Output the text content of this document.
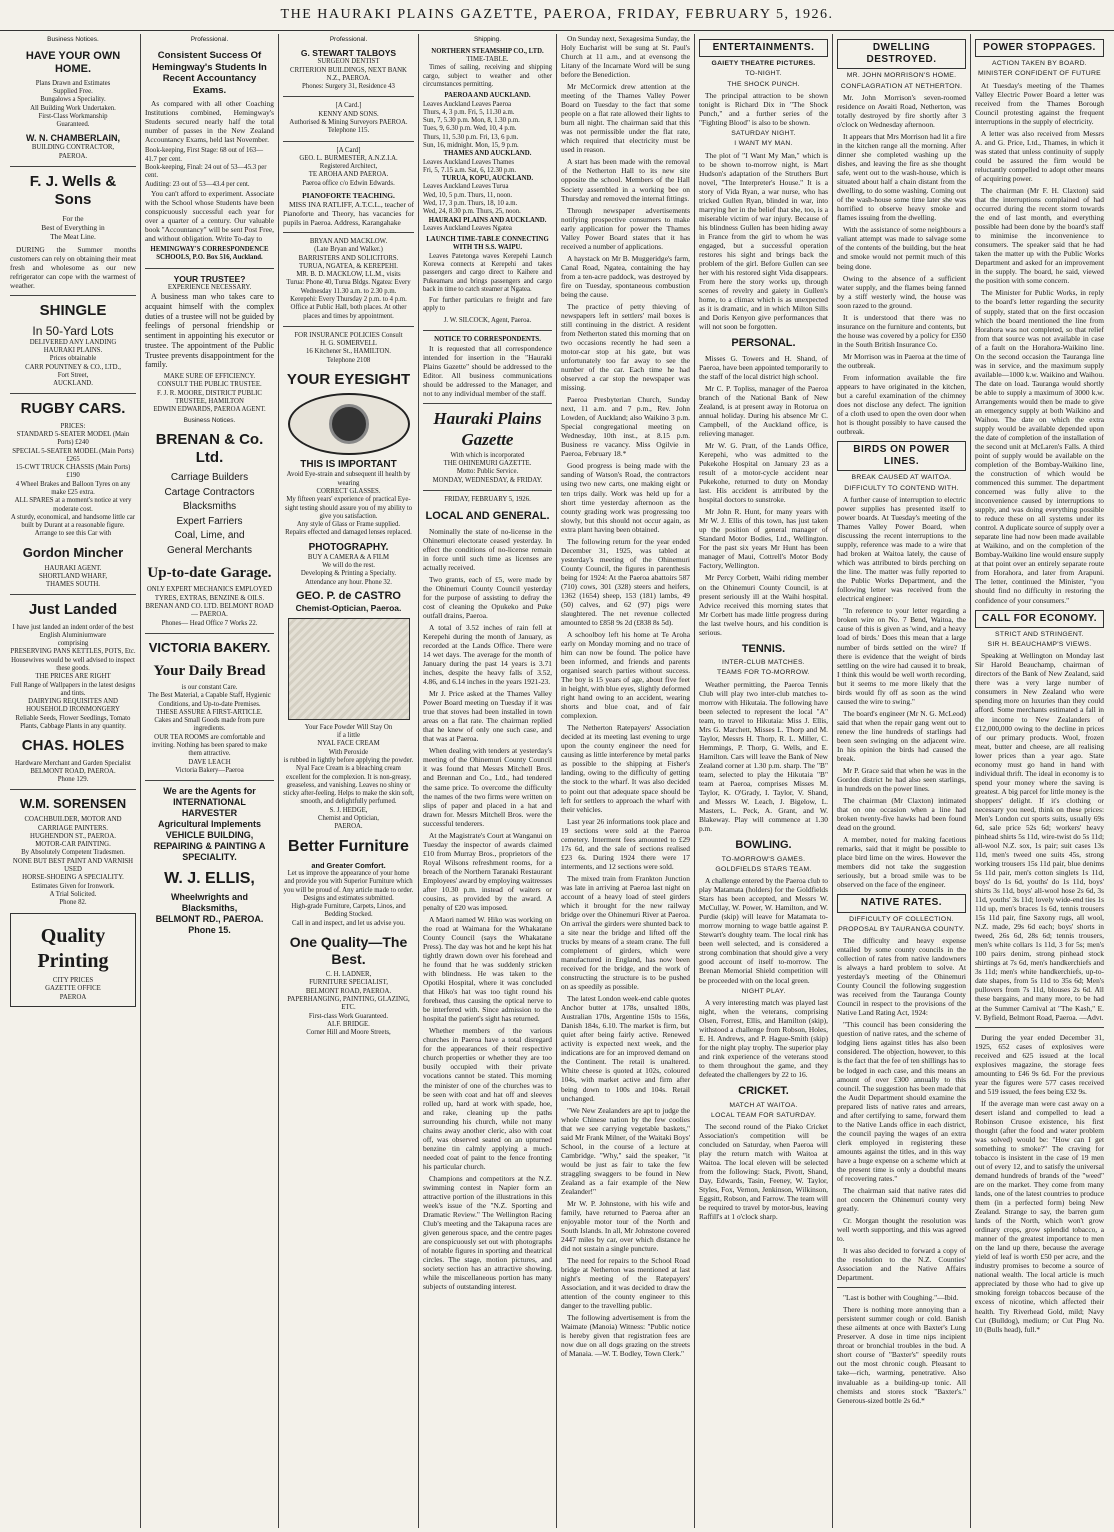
THE HAURAKI PLAINS GAZETTE, PAEROA, FRIDAY, FEBRUARY 5, 1926.
Business Notices.
HAVE YOUR OWN HOME.
Plans Drawn and Estimates
Supplied Free.
Bungalows a Speciality.
All Building Work Undertaken.
First-Class Workmanship
Guaranteed.
W. N. CHAMBERLAIN,
BUILDING CONTRACTOR,
PAEROA.
F. J. Wells & Sons
For the
Best of Everything in
The Meat Line.
DURING the Summer months customers can rely on obtaining their meat fresh and wholesome as our new refrigerator can cope with the warmest of weather.
SHINGLE
In 50-Yard Lots
DELIVERED ANY LANDING
HAURAKI PLAINS.
Prices obtainable
CARR POUNTNEY & CO., LTD.,
Fort Street,
AUCKLAND.
RUGBY CARS.
PRICES:
STANDARD 5-SEATER MODEL (Main Ports) £240
SPECIAL 5-SEATER MODEL (Main Ports) £265
15-CWT TRUCK CHASSIS (Main Ports) £190
4 Wheel Brakes and Balloon Tyres on any make £25 extra.
ALL SPARES at a moment's notice at very moderate cost.
A sturdy, economical, and handsome little car built by Durant at a reasonable figure.
Arrange to see this Car with
Gordon Mincher
HAURAKI AGENT.
SHORTLAND WHARF,
THAMES SOUTH.
Just Landed
I have just landed an indent order of the best
English Aluminiumware
comprising
PRESERVING PANS KETTLES, POTS, Etc.
Housewives would be well advised to inspect these goods.
THE PRICES ARE RIGHT
Full Range of Wallpapers in the latest designs and tints.
DAIRYING REQUISITES AND HOUSEHOLD IRONMONGERY
Reliable Seeds, Flower Seedlings, Tomato Plants, Cabbage Plants in any quantity.
CHAS. HOLES
Hardware Merchant and Garden Specialist
BELMONT ROAD, PAEROA.
Phone 129.
W.M. SORENSEN
COACHBUILDER, MOTOR AND CARRIAGE PAINTERS.
HUGHENDON ST., PAEROA.
MOTOR-CAR PAINTING.
By Absolutely Competent Tradesmen.
NONE BUT BEST PAINT AND VARNISH USED
HORSE-SHOEING A SPECIALITY.
Estimates Given for Ironwork.
A Trial Solicited.
Phone 82.
Quality Printing
CITY PRICES
GAZETTE OFFICE
PAEROA
Professional.
Consistent Success Of Hemingway's Students In Recent Accountancy Exams.
As compared with all other Coaching Institutions combined, Hemingway's Students secured nearly half the total number of passes in the New Zealand Accountancy Exams, held last November.
Book-keeping, First Stage: 68 out of 163—41.7 per cent.
Book-keeping, Final: 24 out of 53—45.3 per cent.
Auditing: 23 out of 53—43.4 per cent.
You can't afford to experiment. Associate with the School whose Students have been conspicuously successful each year for over a quarter of a century. Our valuable book "Accountancy" will be sent Post Free, and without obligation. Write To-day to
HEMINGWAY'S CORRESPONDENCE SCHOOLS, P.O. Box 516, Auckland.
YOUR TRUSTEE?
EXPERIENCE NECESSARY.
A business man who takes care to acquaint himself with the complex duties of a trustee will not be guided by feelings of personal friendship or sentiment in appointing his executor or trustee. The appointment of the Public Trustee prevents disappointment for the family.
MAKE SURE OF EFFICIENCY.
CONSULT THE PUBLIC TRUSTEE.
F. J. R. MOORE, DISTRICT PUBLIC TRUSTEE, HAMILTON
EDWIN EDWARDS, PAEROA AGENT.
Business Notices.
BRENAN & Co. Ltd.
Carriage Builders
Cartage Contractors
Blacksmiths
Expert Farriers
Coal, Lime, and
General Merchants
Up-to-date Garage.
ONLY EXPERT MECHANICS EMPLOYED
TYRES, EXTRAS, BENZINE & OILS.
BRENAN AND CO. LTD. BELMONT ROAD — PAEROA.
Phones— Head Office 7 Works 22.
VICTORIA BAKERY.
Your Daily Bread
is our constant Care.
The Best Material, a Capable Staff, Hygienic Conditions, and Up-to-date Premises.
THESE ASSURE A FIRST-ARTICLE.
Cakes and Small Goods made from pure ingredients.
OUR TEA ROOMS are comfortable and inviting. Nothing has been spared to make them attractive.
DAVE LEACH
Victoria Bakery—Paeroa
We are the Agents for
INTERNATIONAL HARVESTER
Agricultural Implements
VEHICLE BUILDING, REPAIRING & PAINTING A SPECIALITY.
W. J. ELLIS,
Wheelwrights and Blacksmiths,
BELMONT RD., PAEROA.
Phone 15.
Professional.
G. STEWART TALBOYS
SURGEON DENTIST
CRITERION BUILDINGS, NEXT BANK N.Z., PAEROA.
Phones: Surgery 31, Residence 43
[A Card.]
KENNY AND SONS.
Authorised & Mining Surveyors PAEROA.
Telephone 115.
[A Card]
GEO. L. BURMESTER, A.N.Z.I.A.
Registered Architect,
TE AROHA AND PAEROA.
Paeroa office c/o Edwin Edwards.
PIANOFORTE TEACHING.
MISS INA RATLIFF, A.T.C.L., teacher of Pianoforte and Theory, has vacancies for pupils in Paeroa. Address, Karangahake
BRYAN AND MACKLOW.
(Late Bryan and Walker.)
BARRISTERS AND SOLICITORS.
TURUA, NGATEA, & KEREPEHI.
MR. B. D. MACKLOW, LL.M., visits
Turua: Phone 40, Turua Bldgs. Ngatea: Every Wednesday 11.30 a.m. to 2.30 p.m.
Kerepehi: Every Thursday 2 p.m. to 4 p.m.
Office at Public Hall, both places. At other places and times by appointment.
FOR INSURANCE POLICIES Consult
H. G. SOMERVELL
16 Kitchener St., HAMILTON.
Telephone 2108
YOUR EYESIGHT
THIS IS IMPORTANT
Avoid Eye-strain and subsequent ill health by wearing
CORRECT GLASSES.
My fifteen years' experience of practical Eye-sight testing should assure you of my ability to give you satisfaction.
Any style of Glass or Frame supplied.
Repairs effected and damaged lenses replaced.
PHOTOGRAPHY.
BUY A CAMERA & A FILM
We will do the rest.
Developing & Printing a Specialty.
Attendance any hour. Phone 32.
GEO. P. de CASTRO
Chemist-Optician, Paeroa.
Your Face Powder Will Stay On
if a little
NYAL FACE CREAM
With Peroxide
is rubbed in lightly before applying the powder. Nyal Face Cream is a bleaching cream excellent for the complexion. It is non-greasy, greaseless, and vanishing. Leaves no shiny or sticky after-feeling. Helps to make the skin soft, smooth, and delightfully perfumed.
S. J. HEDGE,
Chemist and Optician,
PAEROA.
Better Furniture
and Greater Comfort.
Let us improve the appearance of your home and provide you with Superior Furniture which you will be proud of. Any article made to order. Designs and estimates submitted.
High-grade Furniture, Carpets, Linos, and Bedding Stocked.
Call in and inspect, and let us advise you.
One Quality—The Best.
C. H. LADNER,
FURNITURE SPECIALIST,
BELMONT ROAD, PAEROA.
PAPERHANGING, PAINTING, GLAZING, ETC.
First-class Work Guaranteed.
ALF. BRIDGE.
Corner Hill and Moore Streets,
Shipping.
NORTHERN STEAMSHIP CO., LTD.
TIME-TABLE.
Times of sailing, receiving and shipping cargo, subject to weather and other circumstances permitting.
PAEROA AND AUCKLAND.
Leaves Auckland Leaves Paeroa
Thurs, 4, 3 p.m. Fri, 5, 11.30 a.m.
Sun, 7, 5.30 p.m. Mon, 8, 1.30 p.m.
Tues, 9, 6.30 p.m. Wed, 10, 4 p.m.
Thurs, 11, 5.30 p.m. Fri, 13, 6 p.m.
Sun, 16, midnight. Mon, 15, 9 p.m.
THAMES AND AUCKLAND.
Leaves Auckland Leaves Thames
Fri, 5, 7.15 a.m. Sat, 6, 12.30 p.m.
TURUA, KOPU, AUCKLAND.
Leaves Auckland Leaves Turua
Wed, 10, 5 p.m. Thurs, 11, noon.
Wed, 17, 3 p.m. Thurs, 18, 10 a.m.
Wed, 24, 8.30 p.m. Thurs, 25, noon.
HAURAKI PLAINS AND AUCKLAND.
Leaves Auckland Leaves Ngatea
LAUNCH TIME-TABLE CONNECTING WITH TH S.S. WAIPU.
Leaves Patetonga waves Kerepehi Launch Korewa connects at Kerepehi and takes passengers and cargo direct to Kaihere and Pukeamaru and brings passengers and cargo back in time to catch steamer at Ngatea.
For further particulars re freight and fare apply to
J. W. SILCOCK, Agent, Paeroa.
NOTICE TO CORRESPONDENTS.
It is requested that all correspondence intended for insertion in the "Hauraki Plains Gazette" should be addressed to the Editor. All business communications should be addressed to the Manager, and not to any individual member of the staff.
Hauraki Plains Gazette
With which is incorporated
THE OHINEMURI GAZETTE.
Motto: Public Service.
MONDAY, WEDNESDAY, & FRIDAY.
FRIDAY, FEBRUARY 5, 1926.
LOCAL AND GENERAL.

Nominally the state of no-license in the Ohinemuri electorate ceased yesterday. In effect the conditions of no-license remain in force until such time as licenses are actually received.

Two grants, each of £5, were made by the Ohinemuri County Council yesterday for the purpose of assisting to defray the cost of cleaning the Opukeko and Puke outfall drains, Paeroa.

A total of 3.52 inches of rain fell at Kerepehi during the month of January, as recorded at the Lands Office. There were 14 wet days. The average for the month of January during the past 14 years is 3.71 inches, despite the heavy falls of 3.52, 4.86, and 6.14 inches in the years 1921-23.

Mr J. Price asked at the Thames Valley Power Board meeting on Tuesday if it was true that stoves had been installed in town areas on a flat rate. The chairman replied that he knew of only one such case, and that was at Paeroa.

When dealing with tenders at yesterday's meeting of the Ohinemuri County Council it was found that Messrs Mitchell Bros. and Brennan and Co., Ltd., had tendered the same price. To overcome the difficulty the names of the two firms were written on slips of paper and placed in a hat and drawn for. Messrs Mitchell Bros. were the successful tenderers.

At the Magistrate's Court at Wanganui on Tuesday the inspector of awards claimed £10 from Murray Bros., proprietors of the Royal Wilsons refreshment rooms, for a breach of the Northern Taranaki Restaurant Employees' award by employing waitresses after 10.30 p.m. instead of waiters or cousins, as provided by the award. A penalty of £20 was imposed.

A Maori named W. Hiko was working on the road at Waimana for the Whakatane County Council (says the Whakatane Press). The day was hot and he kept his hat tightly drawn down over his forehead and he found that he was suddenly stricken with blindness. He was taken to the Opotiki Hospital, where it was concluded that Hiko's hat was too tight round his forehead, thus causing the optical nerve to be interfered with. Since admission to the hospital the patient's sight has returned.

Whether members of the various churches in Paeroa have a total disregard for the appearances of their respective church properties or whether they are too busily occupied with their private vocations cannot be stated. This morning the minister of one of the churches was to be seen with coat and hat off and sleeves rolled up, hard at work with spade, hoe, and rake, cleaning up the paths surrounding his church, while not many chains away another cleric, also with coat off, was observed seated on an upturned benzine tin calmly applying a much-needed coat of paint to the fence fronting his particular church.

Champions and competitors at the N.Z. swimming contest in Napier form an attractive portion of the illustrations in this week's issue of the "N.Z. Sporting and Dramatic Review." The Wellington Racing Club's meeting and the Takapuna races are given generous space, and the centre pages are conspicuously set out with photographs of notable figures in sporting and theatrical circles. The stage, motion pictures, and society section has an attractive showing, while the miscellaneous portion has many subjects of outstanding interest.

On Sunday next, Sexagesima Sunday, the Holy Eucharist will be sung at St. Paul's Church at 11 a.m., and at evensong the Litany of the Incarnate Word will be sung before the Benediction.

Mr McCormick drew attention at the meeting of the Thames Valley Power Board on Tuesday to the fact that some people on a flat rate allowed their lights to burn all night. The chairman said that this was not permissible under the flat rate, which required that electricity must be used in reason.

A start has been made with the removal of the Netherton Hall to its new site opposite the school. Members of the Hall Society assembled in a working bee on Thursday and removed the internal fittings.

Through newspaper advertisements notifying prospective consumers to make early application for power the Thames Valley Power Board states that it has received a number of applications.

A haystack on Mr B. Muggeridge's farm, Canal Road, Ngatea, containing the hay from a ten-acre paddock, was destroyed by fire on Tuesday, spontaneous combustion being the cause.

The practice of petty thieving of newspapers left in settlers' mail boxes is still continuing in the district. A resident from Netherton stated this morning that on two occasions recently he had seen a motor-car stop at his gate, but was unfortunately too far away to see the number of the car. Each time he had observed a car stop the newspaper was missing.

Paeroa Presbyterian Church, Sunday next, 11 a.m. and 7 p.m., Rev. John Lowden, of Auckland; also Waikino 3 p.m. Special congregational meeting on Wednesday, 10th inst., at 8.15 p.m. Business re vacancy. Miss Ogilvie in Paeroa, February 18.*

Good progress is being made with the sanding of Watson's Road, the contractors using two new carts, one making eight or ten trips daily. Work was held up for a short time yesterday afternoon as the county grading work was progressing too slowly, but this should not occur again, as extra plant having been obtained.

The following return for the year ended December 31, 1925, was tabled at yesterday's meeting of the Ohinemuri County Council, the figures in parenthesis being for 1924: At the Paeroa abattoirs 587 (710) cows, 301 (328) steers and heifers, 1362 (1654) sheep, 153 (181) lambs, 49 (50) calves, and 62 (97) pigs were slaughtered. The net revenue collected amounted to £858 9s 2d (£838 8s 5d).

A schoolboy left his home at Te Aroha early on Monday morning and no trace of him can now be found. The police have been informed, and friends and parents organised search parties without success. The boy is 15 years of age, about five feet in height, with blue eyes, slightly deformed right hand owing to an accident, wearing shorts and blue coat, and of fair complexion.

The Netherton Ratepayers' Association decided at its meeting last evening to urge upon the county engineer the need for causing as little interference by metal parks as possible to the shipping at Fisher's landing, owing to the difficulty of getting the stock to the wharf. It was also decided to point out that adequate space should be left for settlers to approach the wharf with their vehicles.

Last year 26 informations took place and 19 sections were sold at the Paeroa cemetery. Interment fees amounted to £29 17s 6d, and the sale of sections realised £23 6s. During 1924 there were 17 interments, and 12 sections were sold.

The mixed train from Frankton Junction was late in arriving at Paeroa last night on account of a heavy load of steel girders which it brought for the new railway bridge over the Ohinemuri River at Paeroa. On arrival the girders were shunted back to a site near the bridge and lifted off the trucks by means of a steam crane. The full complement of girders, which were manufactured in England, has now been received for the bridge, and the work of constructing the structure is to be pushed on as speedily as possible.

The latest London week-end cable quotes Anchor butter at 178s, unsalted 180s, Australian 170s, Argentine 150s to 156s, Danish 184s, 6.10. The market is firm, but quiet after being fairly active. Renewed activity is expected next week, and the indications are for an improved demand on the Continent. The retail is unaltered. White cheese is quoted at 102s, coloured 104s, with market active and firm after being down to 100s and 104s. Retail unchanged.

"We New Zealanders are apt to judge the whole Chinese nation by the few coolies that we see carrying vegetable baskets," said Mr Frank Milner, of the Waitaki Boys' School, in the course of a lecture at Cambridge. "Why," said the speaker, "it would be just as fair to take the few straggling swaggers to be found in New Zealand as a fair example of the New Zealander!"

Mr W. P. Johnstone, with his wife and family, have returned to Paeroa after an enjoyable motor tour of the North and South Islands. In all, Mr Johnstone covered 2447 miles by car, over which distance he did not sustain a single puncture.

The need for repairs to the School Road bridge at Netherton was mentioned at last night's meeting of the Ratepayers' Association, and it was decided to draw the attention of the county engineer to this danger to the travelling public.

The following advertisement is from the Waimate (Manoia) Witness: "Public notice is hereby given that registration fees are now due on all dogs grazing on the streets of Manaia. —W. T. Bodley, Town Clerk."

ENTERTAINMENTS.
GAIETY THEATRE PICTURES.
TO-NIGHT.
THE SHOCK PUNCH.
The principal attraction to be shown tonight is Richard Dix in "The Shock Punch," and a further series of the "Fighting Blood" is also to be shown.
SATURDAY NIGHT.
I WANT MY MAN.
The plot of "I Want My Man," which is to be shown to-morrow night, is Mart Hudson's adaptation of the Struthers Burt novel, "The Interpreter's House." It is a story of Vida Ryan, a war nurse, who has tricked Gullen Ryan, blinded in war, into marrying her in the belief that she, too, is a miserable victim of war injury. Because of his blindness Gullen has been hiding away in France from the girl to whom he was engaged, but a successful operation restores his sight and brings back the problem of the girl. Before Gullen can see her with his restored sight Vida disappears. From here the story works up, through scenes of revelry and gaiety in Gullen's home, to a climax which is as unexpected as it is dramatic, and in which Milton Sills and Doris Kenyon give performances that will not soon be forgotten.
PERSONAL.

Misses G. Towers and H. Shand, of Paeroa, have been appointed temporarily to the staff of the local district high school.

Mr C. P. Topliss, manager of the Paeroa branch of the National Bank of New Zealand, is at present away in Rotorua on annual holiday. During his absence Mr C. Campbell, of the Auckland office, is relieving manager.

Mr W. G. Pratt, of the Lands Office, Kerepehi, who was admitted to the Pukekohe Hospital on January 23 as a result of a motor-cycle accident near Pukekohe, returned to duty on Monday last. His accident is attributed by the hospital doctors to sunstroke.

Mr John R. Hunt, for many years with Mr W. J. Ellis of this town, has just taken up the position of general manager of Standard Motor Bodies, Ltd., Wellington. For the past six years Mr Hunt has been manager of Maui, Cottrell's Motor Body Factory, Wellington.

Mr Percy Corbett, Waihi riding member on the Ohinemuri County Council, is at present seriously ill at the Waihi hospital. Advice received this morning states that Mr Corbett has made little progress during the last twelve hours, and his condition is serious.

TENNIS.
INTER-CLUB MATCHES.
TEAMS FOR TO-MORROW.
Weather permitting, the Paeroa Tennis Club will play two inter-club matches to-morrow with Hikutaia. The following have been selected to represent the local "A" team, to travel to Hikutaia: Miss J. Ellis, Mrs G. Marchett, Misses L. Thorp and M. Taylor, Messrs H. Thorp, R. L. Miller, C. Hemmings, P. Thorp, G. Wells, and E. Hamilton. Cars will leave the Bank of New Zealand corner at 1.30 p.m. sharp. The "B" team, selected to play the Hikutaia "B" team at Paeroa, comprises Misses M. Taylor, K. O'Grady, I. Taylor, V. Shand, and Messrs W. Leach, J. Bigelow, L. Masters, L. Peck, A. Grant, and W. Blakeway. Play will commence at 1.30 p.m.
BOWLING.
TO-MORROW'S GAMES.
GOLDFIELDS STARS TEAM.
A challenge entered by the Paeroa club to play Matamata (holders) for the Goldfields Stars has been accepted, and Messrs W. McCullay, W. Power, W. Hamilton, and W. Purdie (skip) will leave for Matamata to-morrow morning to wage battle against P. Stewart's doughty team. The local rink has been well selected, and is considered a strong combination that should give a very good account of itself to-morrow. The Brenan Memorial Shield competition will be proceeded with on the local green.
NIGHT PLAY.
A very interesting match was played last night, when the veterans, comprising Olsen, Forrest, Ellis, and Hamilton (skip), withstood a challenge from Robson, Holes, E. H. Andrews, and P. Hague-Smith (skip) for the night play trophy. The superior play and rink experience of the veterans stood to them throughout the game, and they defeated the challengers by 22 to 16.
CRICKET.
MATCH AT WAITOA.
LOCAL TEAM FOR SATURDAY.
The second round of the Piako Cricket Association's competition will be concluded on Saturday, when Paeroa will play the return match with Waitoa at Waitoa. The local eleven will be selected from the following: Stack, Pivott, Shand, Day, Edwards, Tasin, Feeney, W. Taylor, Styles, Fox, Vernon, Jenkinson, Wilkinson, Eggsitt, Robson, and Farrow. The team will be required to travel by motor-bus, leaving Raffill's at 1 o'clock sharp.
DWELLING DESTROYED.
MR. JOHN MORRISON'S HOME.
CONFLAGRATION AT NETHERTON.

Mr. John Morrison's seven-roomed residence on Awaiti Road, Netherton, was totally destroyed by fire shortly after 3 o'clock on Wednesday afternoon.

It appears that Mrs Morrison had lit a fire in the kitchen range all the morning. After dinner she completed washing up the dishes, and leaving the fire as she thought safe, went out to the wash-house, which is situated about half a chain distant from the dwelling, to do some washing. Coming out of the wash-house some time later she was horrified to observe heavy smoke and flames issuing from the dwelling.

With the assistance of some neighbours a valiant attempt was made to salvage some of the contents of the building, but the heat and smoke would not permit much of this being done.

Owing to the absence of a sufficient water supply, and the flames being fanned by a stiff westerly wind, the house was soon razed to the ground.

It is understood that there was no insurance on the furniture and contents, but the house was covered by a policy for £350 in the South British Insurance Co.

Mr Morrison was in Paeroa at the time of the outbreak.

From information available the fire appears to have originated in the kitchen, but a careful examination of the chimney does not disclose any defect. The ignition of a cloth used to open the oven door when hot is thought possibly to have caused the outbreak.

BIRDS ON POWER LINES.
BREAK CAUSED AT WAITOA.
DIFFICULTY TO CONTEND WITH.

A further cause of interruption to electric power supplies has presented itself to power boards. At Tuesday's meeting of the Thames Valley Power Board, when discussing the recent interruptions to the supply, reference was made to a wire that had broken at Waitoa lately, the cause of which was attributed to birds perching on the line. The matter was fully reported to the Public Works Department, and the following letter was received from the electrical engineer:

"In reference to your letter regarding a broken wire on No. 7 Bend, Waitoa, the cause of this is given as 'wind, and a heavy load of birds.' Does this mean that a large number of birds settled on the wire? If there is evidence that the weight of birds settling on the wire had caused it to break, I think this would be well worth recording, but it seems to me more likely that the birds would fly off as soon as the wind caused the wire to swing."

The board's engineer (Mr N. G. McLeod) said that when the repair gang went out to renew the line hundreds of starlings had been seen swinging on the adjacent wire. In his opinion the birds had caused the break.

Mr P. Grace said that when he was in the Gordon district he had also seen starlings, in hundreds on the power lines.

The chairman (Mr Claxton) intimated that on one occasion when a line had broken twenty-five hawks had been found dead on the ground.

A member, noted for making facetious remarks, said that it might be possible to place bird lime on the wires. However the members did not take the suggestion seriously, but a broad smile was to be observed on the face of the engineer.

NATIVE RATES.
DIFFICULTY OF COLLECTION.
PROPOSAL BY TAURANGA COUNTY.

The difficulty and heavy expense entailed by some county councils in the collection of rates from native landowners is always a hard problem to solve. At yesterday's meeting of the Ohinemuri County Council the following suggestion was received from the Tauranga County Council in respect to the provisions of the Native Land Rating Act, 1924:

"This council has been considering the question of native rates, and the scheme of lodging liens against titles has also been considered. The objection, however, to this is the fact that the fee of ten shillings has to be lodged in each case, and this means an amount of over £300 annually to this council. The suggestion has been made that the Audit Department should examine the prepared lists of native rates and arrears, and after certifying to same, forward them to the Native Lands office in each district, the council paying the wages of an extra clerk employed in registering these amounts against the titles, and in this way have a huge expense on a scheme which at the present time is only a doubtful means of recovering rates."

The chairman said that native rates did not concern the Ohinemuri county very greatly.

Cr. Morgan thought the resolution was well worth supporting, and this was agreed to.

It was also decided to forward a copy of the resolution to the N.Z. Counties' Association and the Native Affairs Department.

"Last is bother with Coughing."—Ibid.

There is nothing more annoying than a persistent summer cough or cold. Banish these ailments at once with Baxter's Lung Preserver. A dose in time nips incipient throat or bronchial troubles in the bud. A short course of "Baxter's" speedily routs out the most chronic cough. Pleasant to take—rich, warming, penetrative. Also invaluable as a building-up tonic. All chemists and stores stock "Baxter's." Generous-sized bottle 2s 6d.*

POWER STOPPAGES.
ACTION TAKEN BY BOARD.
MINISTER CONFIDENT OF FUTURE

At Tuesday's meeting of the Thames Valley Electric Power Board a letter was received from the Thames Borough Council protesting against the frequent interruptions in the supply of electricity.

A letter was also received from Messrs A. and G. Price, Ltd., Thames, in which it was stated that unless continuity of supply could be assured the firm would be reluctantly compelled to adopt other means of acquiring power.

The chairman (Mr F. H. Claxton) said that the interruptions complained of had occurred during the recent storm towards the end of last month, and everything possible had been done by the board's staff to minimise the inconvenience to consumers. The speaker said that he had taken the matter up with the Public Works Department and asked for an improvement in the supply. The board, he said, viewed the position with some concern.

The Minister for Public Works, in reply to the board's letter regarding the security of supply, stated that on the first occasion which the board mentioned the line from Horahora was not completed, so that relief from that source was not available in case of a fault on the Horahora-Waikino line. On the second occasion the Tauranga line was in service, and the maximum supply available—1000 k.w. Waikino and Waihou. The date on load. Tauranga would shortly be able to supply a maximum of 3000 k.w. Arrangements would then be made to give an emergency supply at both Waikino and Waihou. The date on which the extra supply would be available depended upon the date of completion of the installation of the second unit at McLaren's Falls. A third point of supply would be available on the completion of the Bombay-Waikino line, the construction of which would be commenced this summer. The department concerned was fully alive to the inconvenience caused by interruptions to supply, and was doing everything possible to reduce these on all systems under its control. A duplicate source of supply over a separate line had now been made available at Waikino, and on the completion of the Bombay-Waikino line would ensure supply at that point over an entirely separate route from Horahora, and later from Arapuni. The letter, continued the Minister, "you should find no difficulty in restoring the confidence of your consumers."

CALL FOR ECONOMY.
STRICT AND STRINGENT.
SIR H. BEAUCHAMP'S VIEWS.

Speaking at Wellington on Monday last Sir Harold Beauchamp, chairman of directors of the Bank of New Zealand, said there was a very large number of consumers in New Zealand who were spending more on luxuries than they could afford. Some merchants estimated a fall in the income to New Zealanders of £12,000,000 owing to the decline in prices of our primary products. Wool, frozen meat, butter and cheese, are all realising lower prices than a year ago. State economy must go hand in hand with individual thrift. The ideal in economy is to spend your money where the saving is greatest. A big parcel for little money is the shoppers' delight. If it's clothing or necessary you need, think on these prices: Men's London cut sports suits, usually 69s 6d, sale price 52s 6d; workers' heavy pinhead shirts 5s 11d, wire-twist do 5s 11d; all-wool N.Z. sox, 1s pair; suit cases 13s 11d, men's tweed one suits 45s, strong working trousers 15s 11d pair, blue denims 5s 11d pair, men's cotton singlets 1s 11d, boys' do 1s 6d, youths' do 1s 11d, boys' shirts 3s 11d, boys' all-wool hose 2s 6d, 3s 11d, youths' 3s 11d; lovely wide-end ties 1s 11d up, men's braces 1s 6d, tennis trousers 15s 11d pair, fine Saxony rugs, all wool, N.Z. made, 29s 6d each; boys' shorts in tweed, 26s 6d, 28s 6d; tennis trousers, men's white collars 1s 11d, 3 for 5s; men's 100 pairs denim, strong pinhead stock shirtings at 7s 6d, men's handkerchiefs and 3s 11d; men's white handkerchiefs, up-to-date shapes, from 5s 11d to 35s 6d; Men's pullovers from 7s 11d, blouses 2s 6d. All these bargains, and many more, to be had at the Summer Carnival at "The Kash," E. V. Byfield, Belmont Road, Paeroa. —Advt.

During the year ended December 31, 1925, 652 cases of explosives were received and 625 issued at the local explosives magazine, the storage fees amounting to £46 9s 6d. For the previous year the figures were 577 cases received and 519 issued, the fees being £32 9s.

If the average man were cast away on a desert island and compelled to lead a Robinson Crusoe existence, his first thought (after the food and water problem was solved) would be: "How can I get something to smoke?" The craving for tobacco is insistent in the case of 19 men out of every 12, and to satisfy the universal demand hundreds of brands of the "weed" are on the market. They come from many lands, one of the latest countries to produce them (in a perfected form) being New Zealand. Strange to say, the barren gum lands of the North, which won't grow ordinary crops, grow splendid tobacco, a manner of the greatest importance to men on the land up there, because the average yield of leaf is worth £50 per acre, and the industry promises to become a source of national wealth. The local article is much appreciated by those who had to give up smoking foreign tobaccos because of the excess of nicotine, which affected their health. Try Riverhead Gold, mild; Navy Cut (Bulldog), medium; or Cut Plug No. 10 (Bulls head), full.*
